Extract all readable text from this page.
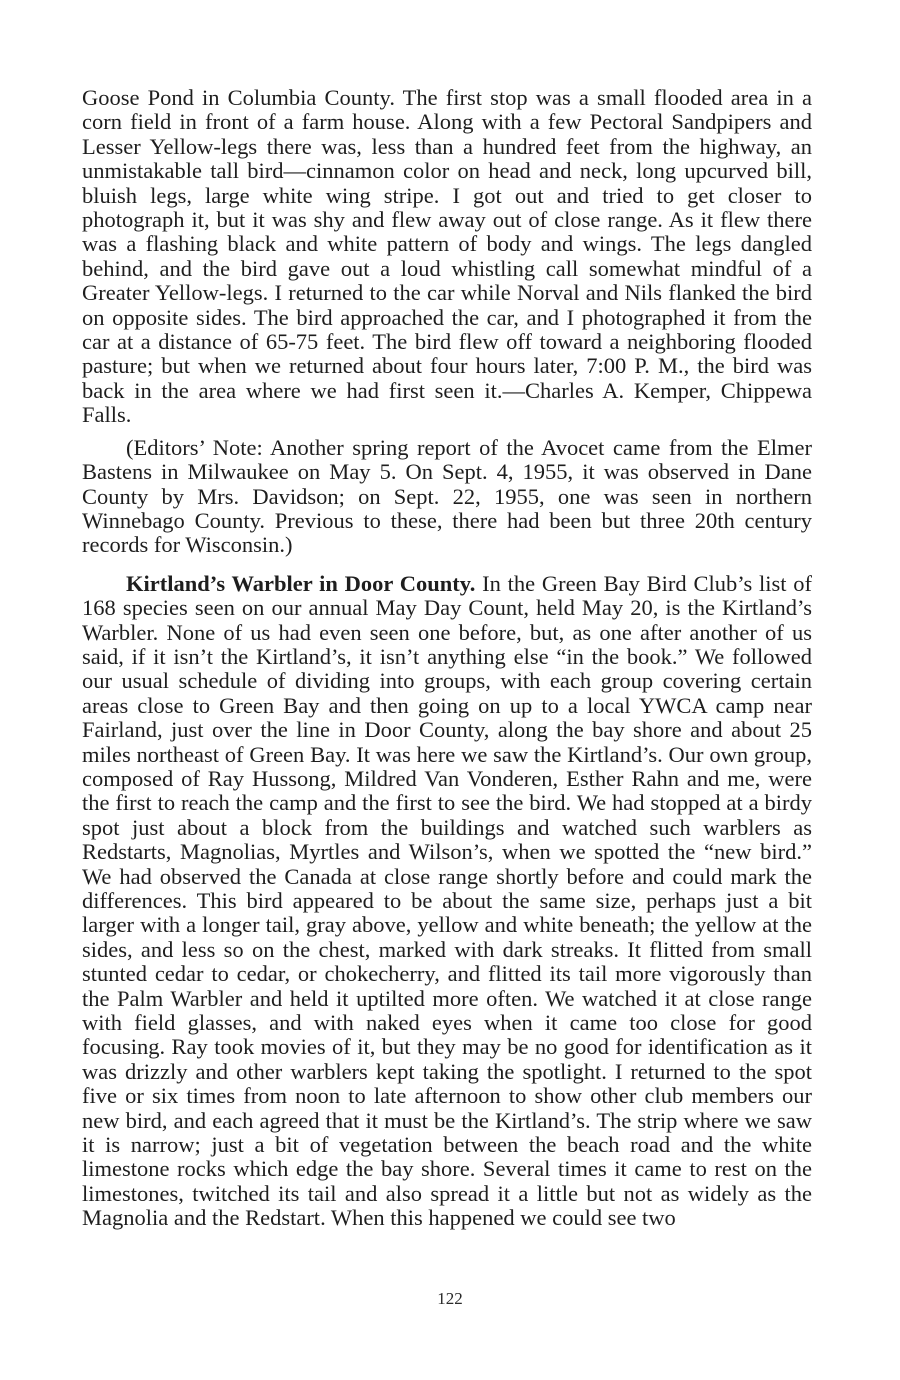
Goose Pond in Columbia County. The first stop was a small flooded area in a corn field in front of a farm house. Along with a few Pectoral Sandpipers and Lesser Yellow-legs there was, less than a hundred feet from the highway, an unmistakable tall bird—cinnamon color on head and neck, long upcurved bill, bluish legs, large white wing stripe. I got out and tried to get closer to photograph it, but it was shy and flew away out of close range. As it flew there was a flashing black and white pattern of body and wings. The legs dangled behind, and the bird gave out a loud whistling call somewhat mindful of a Greater Yellow-legs. I returned to the car while Norval and Nils flanked the bird on opposite sides. The bird approached the car, and I photographed it from the car at a distance of 65-75 feet. The bird flew off toward a neighboring flooded pasture; but when we returned about four hours later, 7:00 P. M., the bird was back in the area where we had first seen it.—Charles A. Kemper, Chippewa Falls.

(Editors’ Note: Another spring report of the Avocet came from the Elmer Bastens in Milwaukee on May 5. On Sept. 4, 1955, it was observed in Dane County by Mrs. Davidson; on Sept. 22, 1955, one was seen in northern Winnebago County. Previous to these, there had been but three 20th century records for Wisconsin.)

Kirtland’s Warbler in Door County. In the Green Bay Bird Club’s list of 168 species seen on our annual May Day Count, held May 20, is the Kirtland’s Warbler. None of us had even seen one before, but, as one after another of us said, if it isn’t the Kirtland’s, it isn’t anything else “in the book.” We followed our usual schedule of dividing into groups, with each group covering certain areas close to Green Bay and then going on up to a local YWCA camp near Fairland, just over the line in Door County, along the bay shore and about 25 miles northeast of Green Bay. It was here we saw the Kirtland’s. Our own group, composed of Ray Hussong, Mildred Van Vonderen, Esther Rahn and me, were the first to reach the camp and the first to see the bird. We had stopped at a birdy spot just about a block from the buildings and watched such warblers as Redstarts, Magnolias, Myrtles and Wilson’s, when we spotted the “new bird.” We had observed the Canada at close range shortly before and could mark the differences. This bird appeared to be about the same size, perhaps just a bit larger with a longer tail, gray above, yellow and white beneath; the yellow at the sides, and less so on the chest, marked with dark streaks. It flitted from small stunted cedar to cedar, or chokecherry, and flitted its tail more vigorously than the Palm Warbler and held it uptilted more often. We watched it at close range with field glasses, and with naked eyes when it came too close for good focusing. Ray took movies of it, but they may be no good for identification as it was drizzly and other warblers kept taking the spotlight. I returned to the spot five or six times from noon to late afternoon to show other club members our new bird, and each agreed that it must be the Kirtland’s. The strip where we saw it is narrow; just a bit of vegetation between the beach road and the white limestone rocks which edge the bay shore. Several times it came to rest on the limestones, twitched its tail and also spread it a little but not as widely as the Magnolia and the Redstart. When this happened we could see two

122
